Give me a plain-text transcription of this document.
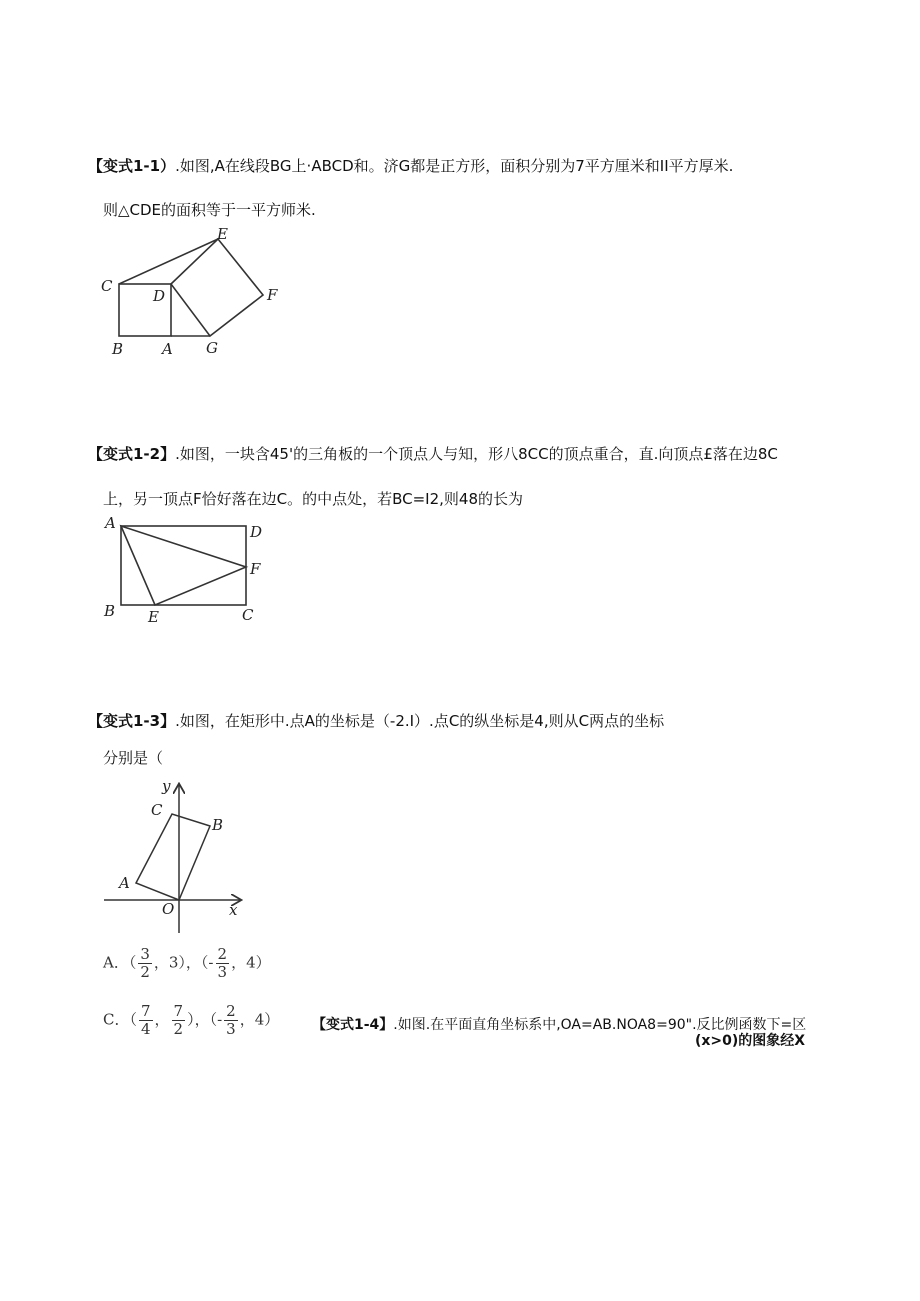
【变式1-1）.如图,A在线段BG上·ABCD和。济G都是正方形，面积分别为7平方厘米和II平方厚米.
则△CDE的面积等于一平方师米.
C
D
E
F
B	A G
【变式1-2】.如图，一块含45'的三角板的一个顶点人与知，形八8CC的顶点重合，直.向顶点£落在边8C
上，另一顶点F恰好落在边C。的中点处，若BC=I2,则48的长为
A	D
F
B E	C
【变式1-3】.如图，在矩形中.点A的坐标是（-2.I）.点C的纵坐标是4,则从C两点的坐标
分别是（
y
C
B
A
O	x
A．（ $\frac{3}{2}$ ，3），（- $\frac{2}{3}$ ，4）
C．（ $\frac{7}{4}$ ， $\frac{7}{2}$ ），（- $\frac{2}{3}$ ，4） 【变式1-4】.如图.在平面直角坐标系中,OA=AB.NOA8=90".反比例函数下=区
(x>0)的图象经X
